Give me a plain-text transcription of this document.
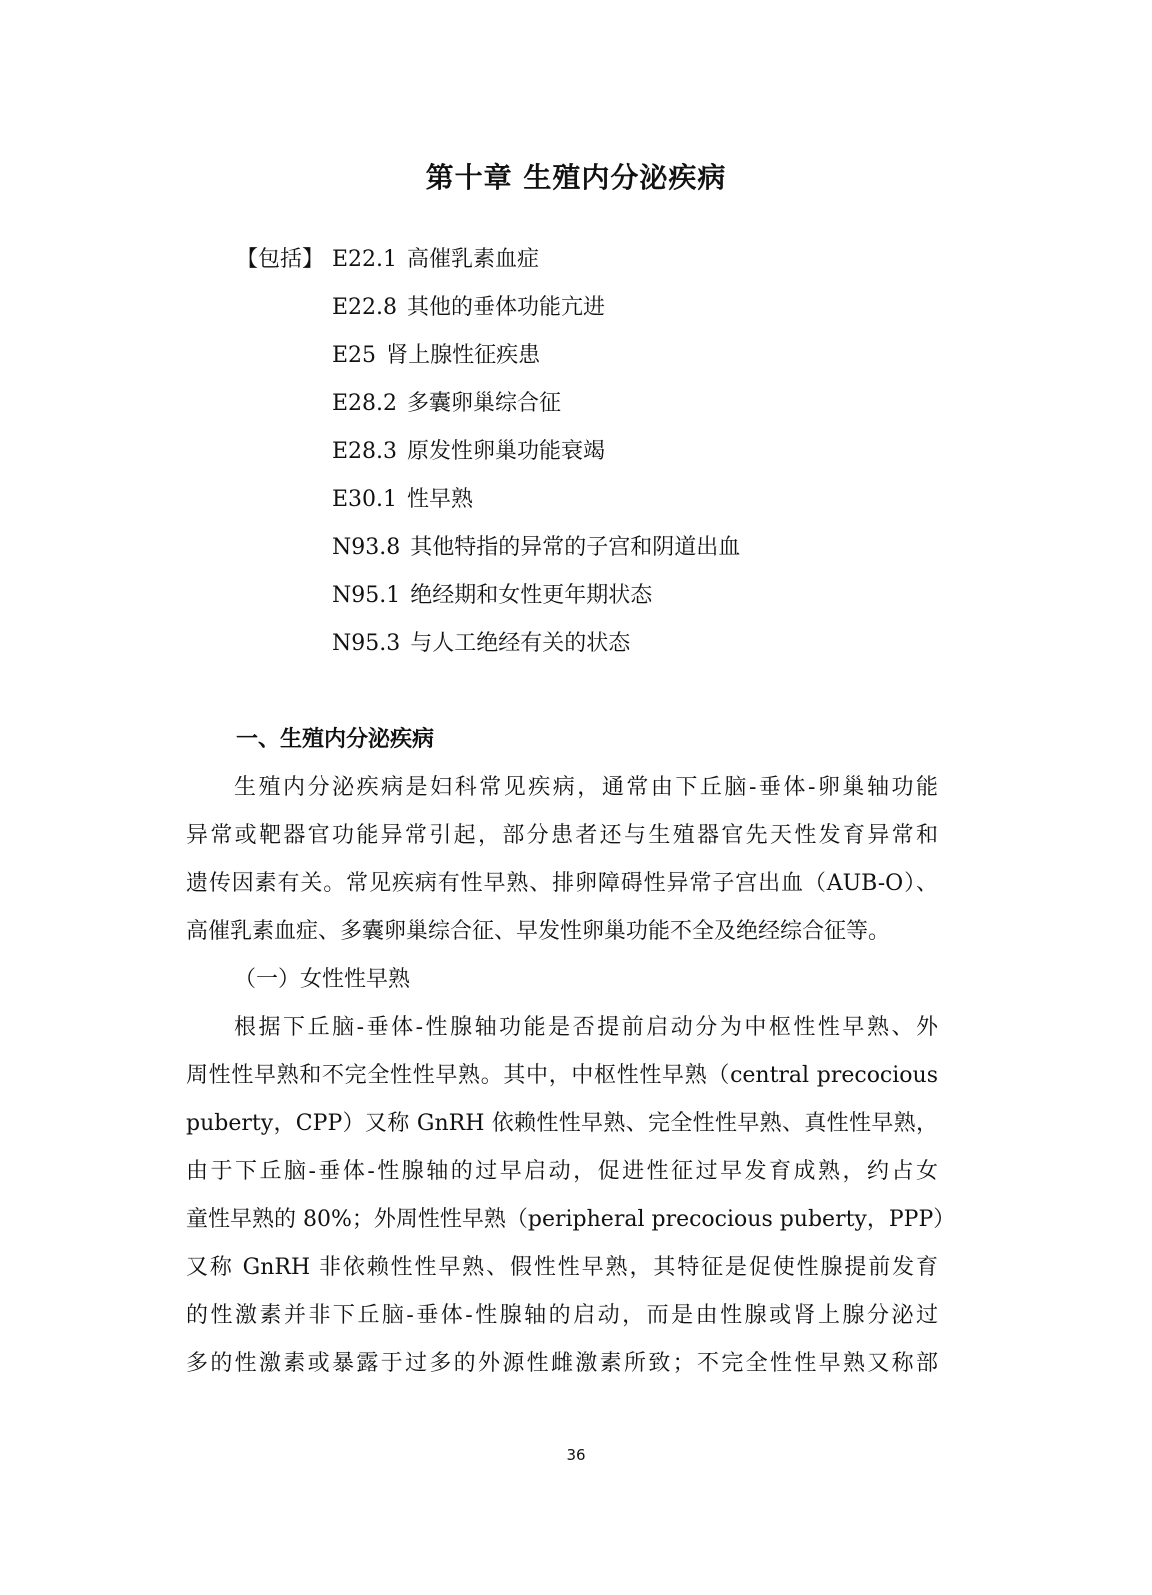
第十章 生殖内分泌疾病
【包括】 E22.1 高催乳素血症
E22.8 其他的垂体功能亢进
E25 肾上腺性征疾患
E28.2 多囊卵巢综合征
E28.3 原发性卵巢功能衰竭
E30.1 性早熟
N93.8 其他特指的异常的子宫和阴道出血
N95.1 绝经期和女性更年期状态
N95.3 与人工绝经有关的状态
一、生殖内分泌疾病
生殖内分泌疾病是妇科常见疾病，通常由下丘脑-垂体-卵巢轴功能
异常或靶器官功能异常引起，部分患者还与生殖器官先天性发育异常和
遗传因素有关。常见疾病有性早熟、排卵障碍性异常子宫出血（AUB-O）、
高催乳素血症、多囊卵巢综合征、早发性卵巢功能不全及绝经综合征等。
（一）女性性早熟
根据下丘脑-垂体-性腺轴功能是否提前启动分为中枢性性早熟、外
周性性早熟和不完全性性早熟。其中，中枢性性早熟（central precocious
puberty，CPP）又称 GnRH 依赖性性早熟、完全性性早熟、真性性早熟，
由于下丘脑-垂体-性腺轴的过早启动，促进性征过早发育成熟，约占女
童性早熟的 80%；外周性性早熟（peripheral precocious puberty，PPP）
又称 GnRH 非依赖性性早熟、假性性早熟，其特征是促使性腺提前发育
的性激素并非下丘脑-垂体-性腺轴的启动，而是由性腺或肾上腺分泌过
多的性激素或暴露于过多的外源性雌激素所致；不完全性性早熟又称部
36
